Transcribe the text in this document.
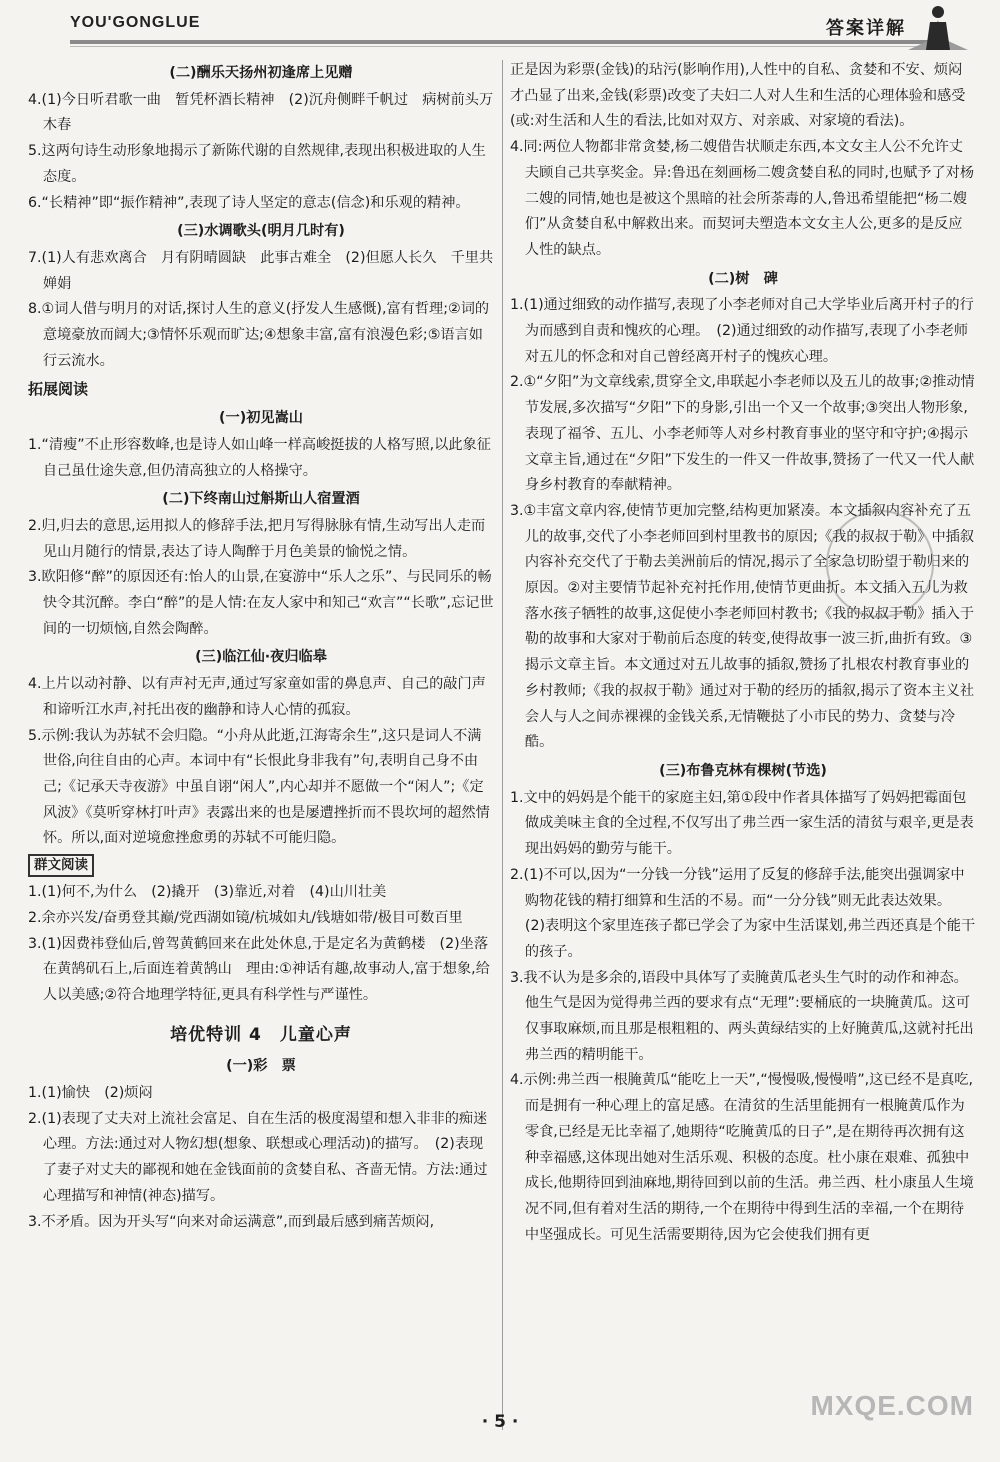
YOU'GONGLUE	答案详解
(二)酬乐天扬州初逢席上见赠
4.(1)今日听君歌一曲　暂凭杯酒长精神　(2)沉舟侧畔千帆过　病树前头万木春
5.这两句诗生动形象地揭示了新陈代谢的自然规律,表现出积极进取的人生态度。
6.“长精神”即“振作精神”,表现了诗人坚定的意志(信念)和乐观的精神。
(三)水调歌头(明月几时有)
7.(1)人有悲欢离合　月有阴晴圆缺　此事古难全　(2)但愿人长久　千里共婵娟
8.①词人借与明月的对话,探讨人生的意义(抒发人生感慨),富有哲理;②词的意境豪放而阔大;③情怀乐观而旷达;④想象丰富,富有浪漫色彩;⑤语言如行云流水。
拓展阅读
(一)初见嵩山
1.“清瘦”不止形容数峰,也是诗人如山峰一样高峻挺拔的人格写照,以此象征自己虽仕途失意,但仍清高独立的人格操守。
(二)下终南山过斛斯山人宿置酒
2.归,归去的意思,运用拟人的修辞手法,把月写得脉脉有情,生动写出人走而见山月随行的情景,表达了诗人陶醉于月色美景的愉悦之情。
3.欧阳修“醉”的原因还有:怡人的山景,在宴游中“乐人之乐”、与民同乐的畅快令其沉醉。李白“醉”的是人情:在友人家中和知己“欢言”“长歌”,忘记世间的一切烦恼,自然会陶醉。
(三)临江仙·夜归临皋
4.上片以动衬静、以有声衬无声,通过写家童如雷的鼻息声、自己的敲门声和谛听江水声,衬托出夜的幽静和诗人心情的孤寂。
5.示例:我认为苏轼不会归隐。“小舟从此逝,江海寄余生”,这只是词人不满世俗,向往自由的心声。本词中有“长恨此身非我有”句,表明自己身不由己;《记承天寺夜游》中虽自诩“闲人”,内心却并不愿做一个“闲人”;《定风波》《莫听穿林打叶声》表露出来的也是屡遭挫折而不畏坎坷的超然情怀。所以,面对逆境愈挫愈勇的苏轼不可能归隐。
群文阅读
1.(1)何不,为什么　(2)撬开　(3)靠近,对着　(4)山川壮美
2.余亦兴发/奋勇登其巅/党西湖如镜/杭城如丸/钱塘如带/极目可数百里
3.(1)因费祎登仙后,曾驾黄鹤回来在此处休息,于是定名为黄鹤楼　(2)坐落在黄鹄矶石上,后面连着黄鹄山　理由:①神话有趣,故事动人,富于想象,给人以美感;②符合地理学特征,更具有科学性与严谨性。
培优特训 4　儿童心声
(一)彩　票
1.(1)愉快　(2)烦闷
2.(1)表现了丈夫对上流社会富足、自在生活的极度渴望和想入非非的痴迷心理。方法:通过对人物幻想(想象、联想或心理活动)的描写。　(2)表现了妻子对丈夫的鄙视和她在金钱面前的贪婪自私、吝啬无情。方法:通过心理描写和神情(神态)描写。
3.不矛盾。因为开头写“向来对命运满意”,而到最后感到痛苦烦闷,
正是因为彩票(金钱)的玷污(影响作用),人性中的自私、贪婪和不安、烦闷才凸显了出来,金钱(彩票)改变了夫妇二人对人生和生活的心理体验和感受(或:对生活和人生的看法,比如对双方、对亲戚、对家境的看法)。
4.同:两位人物都非常贪婪,杨二嫂借告状顺走东西,本文女主人公不允许丈夫顾自己共享奖金。异:鲁迅在刻画杨二嫂贪婪自私的同时,也赋予了对杨二嫂的同情,她也是被这个黑暗的社会所荼毒的人,鲁迅希望能把“杨二嫂们”从贪婪自私中解救出来。而契诃夫塑造本文女主人公,更多的是反应人性的缺点。
(二)树　碑
1.(1)通过细致的动作描写,表现了小李老师对自己大学毕业后离开村子的行为而感到自责和愧疚的心理。　(2)通过细致的动作描写,表现了小李老师对五儿的怀念和对自己曾经离开村子的愧疚心理。
2.①“夕阳”为文章线索,贯穿全文,串联起小李老师以及五儿的故事;②推动情节发展,多次描写“夕阳”下的身影,引出一个又一个故事;③突出人物形象,表现了福爷、五儿、小李老师等人对乡村教育事业的坚守和守护;④揭示文章主旨,通过在“夕阳”下发生的一件又一件故事,赞扬了一代又一代人献身乡村教育的奉献精神。
3.①丰富文章内容,使情节更加完整,结构更加紧凑。本文插叙内容补充了五儿的故事,交代了小李老师回到村里教书的原因;《我的叔叔于勒》中插叙内容补充交代了于勒去美洲前后的情况,揭示了全家急切盼望于勒归来的原因。②对主要情节起补充衬托作用,使情节更曲折。本文插入五儿为救落水孩子牺牲的故事,这促使小李老师回村教书;《我的叔叔于勒》插入于勒的故事和大家对于勒前后态度的转变,使得故事一波三折,曲折有致。③揭示文章主旨。本文通过对五儿故事的插叙,赞扬了扎根农村教育事业的乡村教师;《我的叔叔于勒》通过对于勒的经历的插叙,揭示了资本主义社会人与人之间赤裸裸的金钱关系,无情鞭挞了小市民的势力、贪婪与冷酷。
(三)布鲁克林有棵树(节选)
1.文中的妈妈是个能干的家庭主妇,第①段中作者具体描写了妈妈把霉面包做成美味主食的全过程,不仅写出了弗兰西一家生活的清贫与艰辛,更是表现出妈妈的勤劳与能干。
2.(1)不可以,因为“一分钱一分钱”运用了反复的修辞手法,能突出强调家中购物花钱的精打细算和生活的不易。而“一分分钱”则无此表达效果。　(2)表明这个家里连孩子都已学会了为家中生活谋划,弗兰西还真是个能干的孩子。
3.我不认为是多余的,语段中具体写了卖腌黄瓜老头生气时的动作和神态。他生气是因为觉得弗兰西的要求有点“无理”:要桶底的一块腌黄瓜。这可仅事取麻烦,而且那是根粗粗的、两头黄绿结实的上好腌黄瓜,这就衬托出弗兰西的精明能干。
4.示例:弗兰西一根腌黄瓜“能吃上一天”,“慢慢吸,慢慢啃”,这已经不是真吃,而是拥有一种心理上的富足感。在清贫的生活里能拥有一根腌黄瓜作为零食,已经是无比幸福了,她期待“吃腌黄瓜的日子”,是在期待再次拥有这种幸福感,这体现出她对生活乐观、积极的态度。杜小康在艰难、孤独中成长,他期待回到油麻地,期待回到以前的生活。弗兰西、杜小康虽人生境况不同,但有着对生活的期待,一个在期待中得到生活的幸福,一个在期待中坚强成长。可见生活需要期待,因为它会使我们拥有更
· 5 ·
MXQE.COM
